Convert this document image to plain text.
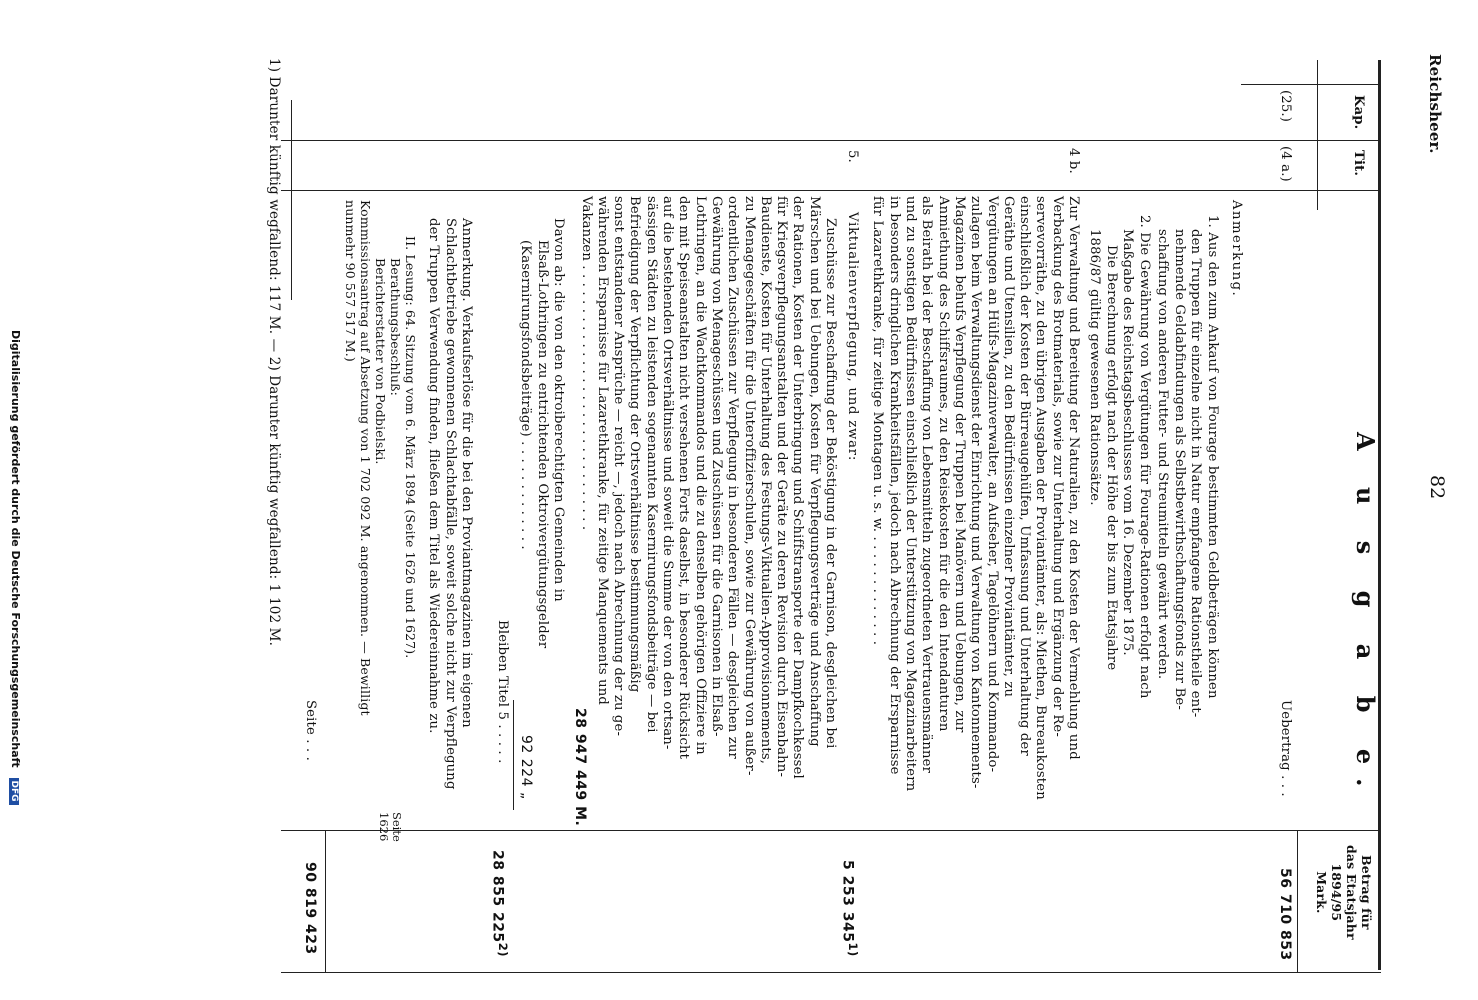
Reichsheer.
82
A u s g a b e.
Kap.
Tit.
Betrag für
das Etatsjahr
1894/95
Mark.
(25.)
(4 a.)
Uebertrag . . .
56 710 853
Anmerkung.
1. Aus den zum Ankauf von Fourage bestimmten Geldbeträgen können
den Truppen für einzelne nicht in Natur empfangene Rationstheile ent-
nehmende Geldabfindungen als Selbstbewirthschaftungsfonds zur Be-
schaffung von anderen Futter- und Streumitteln gewährt werden.
2. Die Gewährung von Vergütungen für Fourage-Rationen erfolgt nach
Maßgabe des Reichstagsbeschlusses vom 16. Dezember 1875.
Die Berechnung erfolgt nach der Höhe der bis zum Etatsjahre
1886/87 gültig gewesenen Rationssätze.
4 b.
Zur Verwaltung und Bereitung der Naturalien, zu den Kosten der Vermehlung und
Verbackung des Brotmaterials, sowie zur Unterhaltung und Ergänzung der Re-
servevorräthe, zu den übrigen Ausgaben der Proviantämter, als: Miethen, Bureaukosten
einschließlich der Kosten der Bürreaugehülfen, Umfassung und Unterhaltung der
Geräthe und Utensilien, zu den Bedürfnissen einzelner Proviantämter, zu
Vergütungen an Hülfs-Magazinverwalter, an Aufseher, Tagelöhnern und Kommando-
zulagen beim Verwaltungsdienst der Einrichtung und Verwaltung von Kantonnements-
Magazinen behufs Verpflegung der Truppen bei Manövern und Uebungen, zur
Anmiethung des Schiffsraumes, zu den Reisekosten für die den Intendanturen
als Beirath bei der Beschaffung von Lebensmitteln zugeordneten Vertrauensmänner
und zu sonstigen Bedürfnissen einschließlich der Unterstützung von Magazinarbeitern
in besonders dringlichen Krankheitsfällen, jedoch nach Abrechnung der Ersparnisse
für Lazarethkranke, für zeitige Montagen u. s. w. . . . . . . . . . . . . .
5.
Viktualienverpflegung, und zwar:
Zuschüsse zur Beschaffung der Beköstigung in der Garnison, desgleichen bei
Märschen und bei Uebungen, Kosten für Verpflegungsverträge und Anschaffung
der Rationen, Kosten der Unterbringung und Schiffstransporte der Dampfkochkessel
für Kriegsverpflegungsanstalten und der Geräte zu deren Revision durch Eisenbahn-
Baudienste, Kosten für Unterhaltung des Festungs-Viktualien-Approvisionnements,
zu Menagegeschäften für die Unteroffizierschulen, sowie zur Gewährung von außer-
ordentlichen Zuschüssen zur Verpflegung in besonderen Fällen — desgleichen zur
Gewährung von Menageschüssen und Zuschüssen für die Garnisonen in Elsaß-
Lothringen, an die Wachtkommandos und die zu denselben gehörigen Offiziere in
den mit Speiseanstalten nicht versehenen Forts daselbst, in besonderer Rücksicht
auf die bestehenden Ortsverhältnisse und soweit die Summe der von den ortsan-
sässigen Städten zu leistenden sogenannten Kasernirungsfondsbeiträge — bei
Befriedigung der Verpflichtung der Ortsverhältnisse bestimmungsmäßig
sonst entstandener Ansprüche — reicht —, jedoch nach Abrechnung der zu ge-
währenden Ersparnisse für Lazarethkranke, für zeitige Manquements und
Vakanzen . . . . . . . . . . . . . . . . . . . . . . . . . . . . . . .
5 253 345$^{1)}$
28 947 449 M.
Davon ab: die von den oktroiberechtigten Gemeinden in
Elsaß-Lothringen zu entrichtenden Oktroivergütungsgelder
(Kasernirungsfondsbeiträge) . . . . . . . . . . . . .
92 224 „
Bleiben Titel 5 . . . . .
28 855 225$^{2)}$
Anmerkung. Verkaufserlöse für die bei den Proviantmagazinen im eigenen
Schlachtbetriebe gewonnenen Schlachtabfälle, soweit solche nicht zur Verpflegung
der Truppen Verwendung finden, fließen dem Titel als Wiedereinnahme zu.
II. Lesung: 64. Sitzung vom 6. März 1894 (Seite 1626 und 1627).
Berathungsbeschluß:
Berichterstatter von Podbielski.
Kommissionsantrag auf Absetzung von 1 702 092 M. angenommen. — Bewilligt
nunmehr 90 557 517 M.)
Seite
1626
Seite . . .
90 819 423
1) Darunter künftig wegfallend: 117 M. — 2) Darunter künftig wegfallend: 1 102 M.
Digitalisierung gefördert durch die Deutsche Forschungsgemeinschaft DFG
